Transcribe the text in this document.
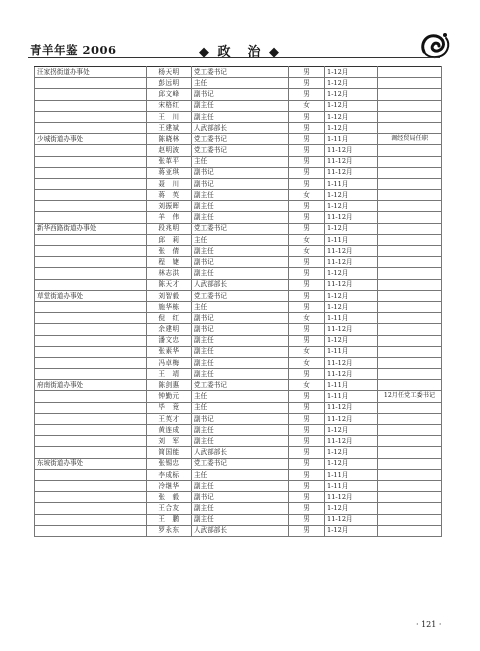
青羊年鉴 2006	◆ 政　治 ◆
汪家拐街道办事处	杨天明	党工委书记	男	1-12月	
	彭远明	主任	男	1-12月	
	邱文峰	副书记	男	1-12月	
	宋格红	副主任	女	1-12月	
	王　川	副主任	男	1-12月	
	王建斌	人武部部长	男	1-12月	
少城街道办事处	陈晓林	党工委书记	男	1-11月	调经贸局任职
	赵明波	党工委书记	男	11-12月	
	张革平	主任	男	11-12月	
	蒋亚琪	副书记	男	11-12月	
	聂　川	副书记	男	1-11月	
	蒋　英	副主任	女	1-12月	
	刘振晖	副主任	男	1-12月	
	羊　伟	副主任	男	11-12月	
新华西路街道办事处	段兆明	党工委书记	男	1-12月	
	邱　莉	主任	女	1-11月	
	张　倩	副主任	女	11-12月	
	程　婕	副书记	男	11-12月	
	林志洪	副主任	男	1-12月	
	陈天才	人武部部长	男	11-12月	
草堂街道办事处	刘智毅	党工委书记	男	1-12月	
	施华栋	主任	男	1-12月	
	倪　红	副书记	女	1-11月	
	余建明	副书记	男	11-12月	
	潘文忠	副主任	男	1-12月	
	张素华	副主任	女	1-11月	
	冯卓梅	副主任	女	11-12月	
	王　靖	副主任	男	11-12月	
府南街道办事处	陈剑惠	党工委书记	女	1-11月	
	钟勤元	主任	男	1-11月	12月任党工委书记
	毕　竟	主任	男	11-12月	
	王英才	副书记	男	11-12月	
	黄连成	副主任	男	1-12月	
	刘　军	副主任	男	11-12月	
	简国能	人武部部长	男	1-12月	
东坡街道办事处	张锡忠	党工委书记	男	1-12月	
	李成标	主任	男	1-11月	
	冷继华	副主任	男	1-11月	
	张　毅	副书记	男	11-12月	
	王合友	副主任	男	1-12月	
	王　鹏	副主任	男	11-12月	
	罗永东	人武部部长	男	1-12月	
· 121 ·
